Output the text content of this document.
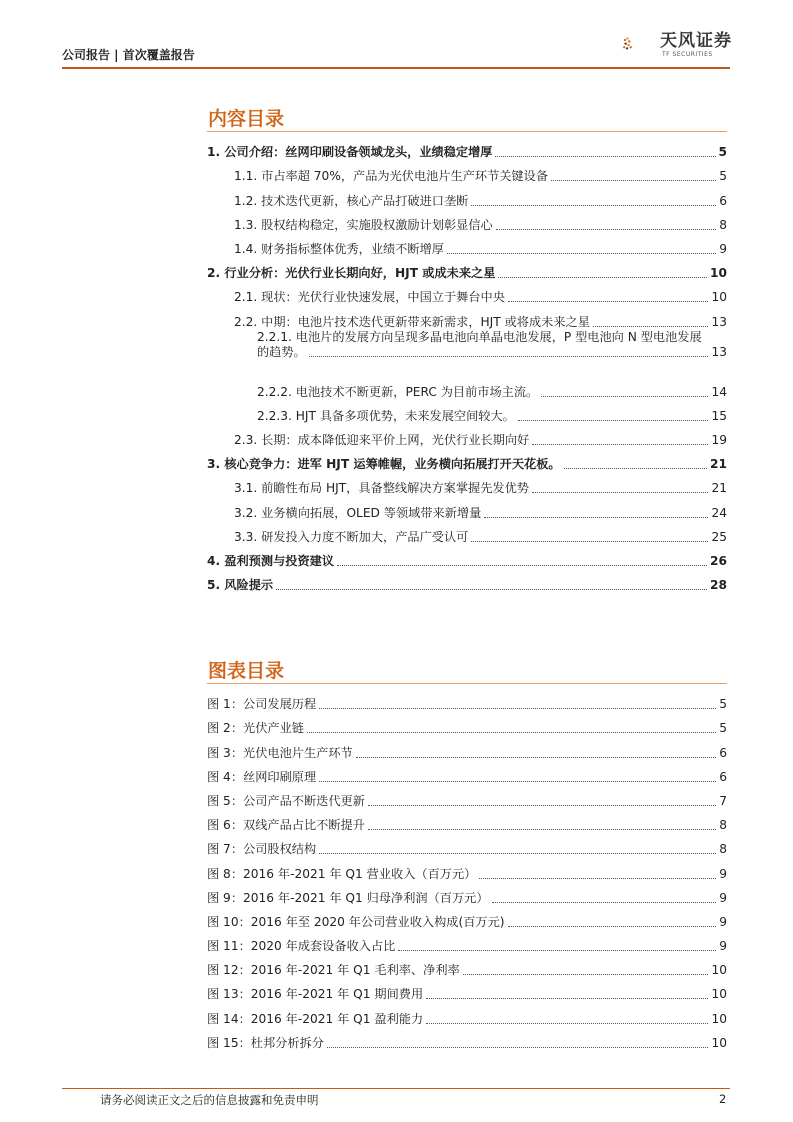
公司报告 | 首次覆盖报告
天风证券
TF SECURITIES
内容目录
1. 公司介绍：丝网印刷设备领域龙头，业绩稳定增厚	5
1.1. 市占率超 70%，产品为光伏电池片生产环节关键设备	5
1.2. 技术迭代更新，核心产品打破进口垄断	6
1.3. 股权结构稳定，实施股权激励计划彰显信心	8
1.4. 财务指标整体优秀，业绩不断增厚	9
2. 行业分析：光伏行业长期向好，HJT 或成未来之星	10
2.1. 现状：光伏行业快速发展，中国立于舞台中央	10
2.2. 中期：电池片技术迭代更新带来新需求，HJT 或将成未来之星	13
2.2.1. 电池片的发展方向呈现多晶电池向单晶电池发展，P 型电池向 N 型电池发展
的趋势。	13
2.2.2. 电池技术不断更新，PERC 为目前市场主流。	14
2.2.3. HJT 具备多项优势，未来发展空间较大。	15
2.3. 长期：成本降低迎来平价上网，光伏行业长期向好	19
3. 核心竞争力：进军 HJT 运筹帷幄，业务横向拓展打开天花板。	21
3.1. 前瞻性布局 HJT，具备整线解决方案掌握先发优势	21
3.2. 业务横向拓展，OLED 等领域带来新增量	24
3.3. 研发投入力度不断加大，产品广受认可	25
4. 盈利预测与投资建议	26
5. 风险提示	28
图表目录
图 1：公司发展历程	5
图 2：光伏产业链	5
图 3：光伏电池片生产环节	6
图 4：丝网印刷原理	6
图 5：公司产品不断迭代更新	7
图 6：双线产品占比不断提升	8
图 7：公司股权结构	8
图 8：2016 年-2021 年 Q1 营业收入（百万元）	9
图 9：2016 年-2021 年 Q1 归母净利润（百万元）	9
图 10：2016 年至 2020 年公司营业收入构成(百万元)	9
图 11：2020 年成套设备收入占比	9
图 12：2016 年-2021 年 Q1 毛利率、净利率	10
图 13：2016 年-2021 年 Q1 期间费用	10
图 14：2016 年-2021 年 Q1 盈利能力	10
图 15：杜邦分析拆分	10
请务必阅读正文之后的信息披露和免责申明	2
